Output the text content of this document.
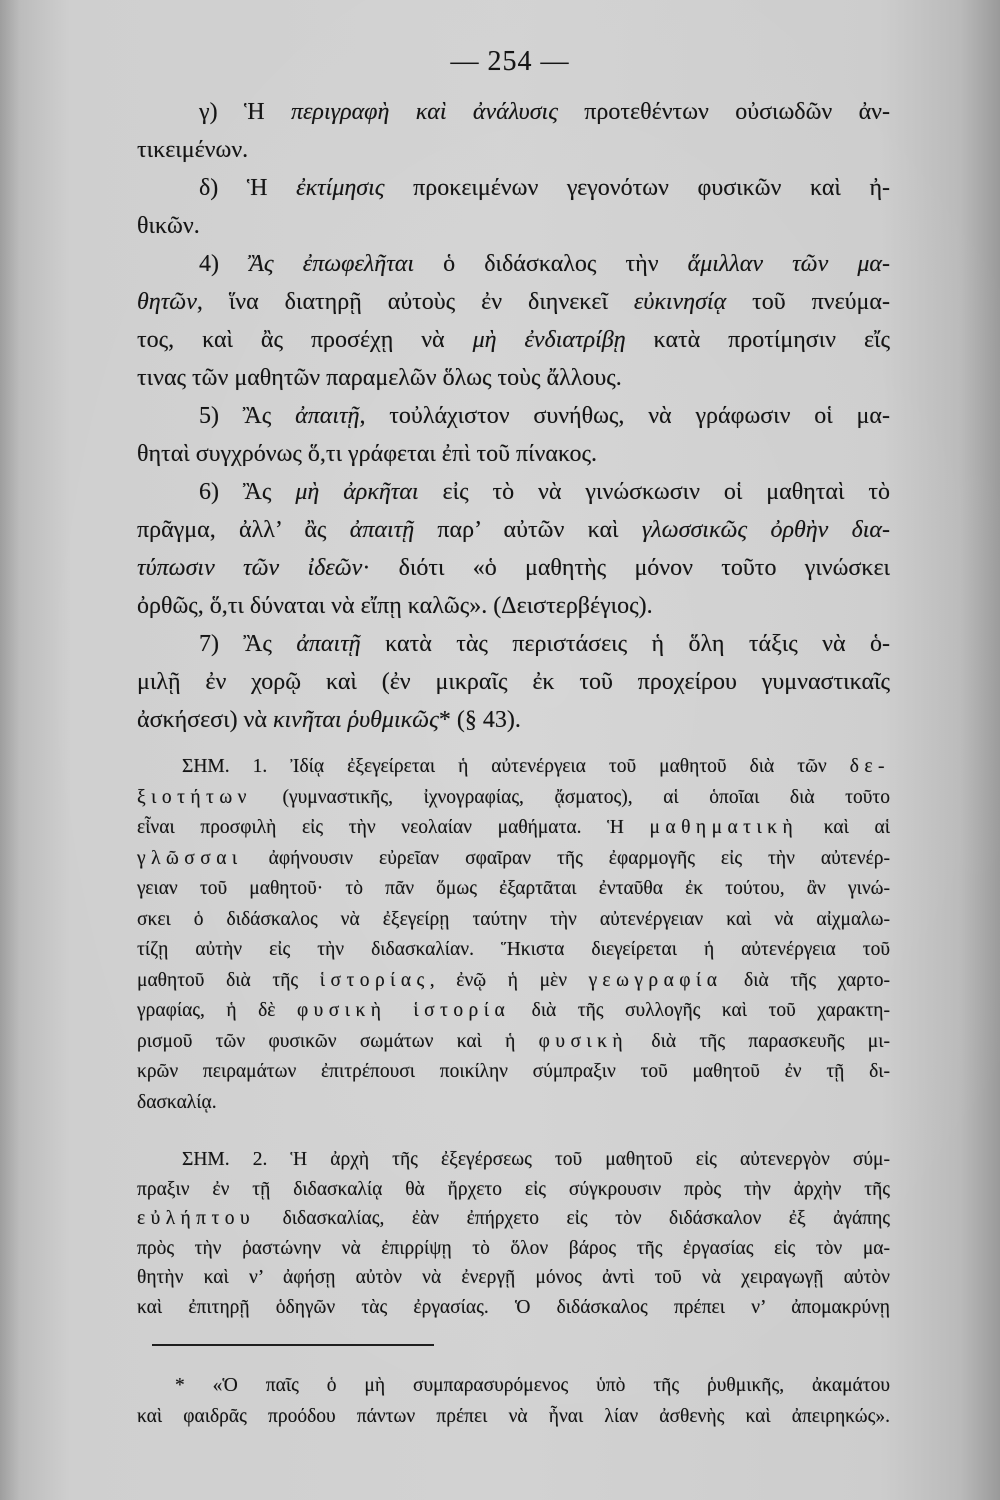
— 254 —
γ) Ἡ περιγραφὴ καὶ ἀνάλυσις προτεθέντων οὐσιωδῶν ἀν-
τικειμένων.
δ) Ἡ ἐκτίμησις προκειμένων γεγονότων φυσικῶν καὶ ἠ-
θικῶν.
4) Ἂς ἐπωφελῆται ὁ διδάσκαλος τὴν ἅμιλλαν τῶν μα-
θητῶν, ἵνα διατηρῇ αὐτοὺς ἐν διηνεκεῖ εὐκινησίᾳ τοῦ πνεύμα-
τος, καὶ ἂς προσέχῃ νὰ μὴ ἐνδιατρίβῃ κατὰ προτίμησιν εἴς
τινας τῶν μαθητῶν παραμελῶν ὅλως τοὺς ἄλλους.
5) Ἂς ἀπαιτῇ, τοὐλάχιστον συνήθως, νὰ γράφωσιν οἱ μα-
θηταὶ συγχρόνως ὅ,τι γράφεται ἐπὶ τοῦ πίνακος.
6) Ἂς μὴ ἀρκῆται εἰς τὸ νὰ γινώσκωσιν οἱ μαθηταὶ τὸ
πρᾶγμα, ἀλλ’ ἂς ἀπαιτῇ παρ’ αὐτῶν καὶ γλωσσικῶς ὀρθὴν δια-
τύπωσιν τῶν ἰδεῶν· διότι «ὁ μαθητὴς μόνον τοῦτο γινώσκει
ὀρθῶς, ὅ,τι δύναται νὰ εἴπῃ καλῶς». (Δειστερβέγιος).
7) Ἂς ἀπαιτῇ κατὰ τὰς περιστάσεις ἡ ὅλη τάξις νὰ ὁ-
μιλῇ ἐν χορῷ καὶ (ἐν μικραῖς ἐκ τοῦ προχείρου γυμναστικαῖς
ἀσκήσεσι) νὰ κινῆται ῥυθμικῶς* (§ 43).
ΣΗΜ. 1. Ἰδίᾳ ἐξεγείρεται ἡ αὐτενέργεια τοῦ μαθητοῦ διὰ τῶν δε-
ξιοτήτων (γυμναστικῆς, ἰχνογραφίας, ᾄσματος), αἱ ὁποῖαι διὰ τοῦτο
εἶναι προσφιλὴ εἰς τὴν νεολαίαν μαθήματα. Ἡ μαθηματικὴ καὶ αἱ
γλῶσσαι ἀφήνουσιν εὐρεῖαν σφαῖραν τῆς ἐφαρμογῆς εἰς τὴν αὐτενέρ-
γειαν τοῦ μαθητοῦ· τὸ πᾶν ὅμως ἐξαρτᾶται ἐνταῦθα ἐκ τούτου, ἂν γινώ-
σκει ὁ διδάσκαλος νὰ ἐξεγείρῃ ταύτην τὴν αὐτενέργειαν καὶ νὰ αἰχμαλω-
τίζῃ αὐτὴν εἰς τὴν διδασκαλίαν. Ἥκιστα διεγείρεται ἡ αὐτενέργεια τοῦ
μαθητοῦ διὰ τῆς ἱστορίας, ἐνῷ ἡ μὲν γεωγραφία διὰ τῆς χαρτο-
γραφίας, ἡ δὲ φυσικὴ ἱστορία διὰ τῆς συλλογῆς καὶ τοῦ χαρακτη-
ρισμοῦ τῶν φυσικῶν σωμάτων καὶ ἡ φυσικὴ διὰ τῆς παρασκευῆς μι-
κρῶν πειραμάτων ἐπιτρέπουσι ποικίλην σύμπραξιν τοῦ μαθητοῦ ἐν τῇ δι-
δασκαλίᾳ.
ΣΗΜ. 2. Ἡ ἀρχὴ τῆς ἐξεγέρσεως τοῦ μαθητοῦ εἰς αὐτενεργὸν σύμ-
πραξιν ἐν τῇ διδασκαλίᾳ θὰ ἤρχετο εἰς σύγκρουσιν πρὸς τὴν ἀρχὴν τῆς
εὐλήπτου διδασκαλίας, ἐὰν ἐπήρχετο εἰς τὸν διδάσκαλον ἐξ ἀγάπης
πρὸς τὴν ῥαστώνην νὰ ἐπιρρίψῃ τὸ ὅλον βάρος τῆς ἐργασίας εἰς τὸν μα-
θητὴν καὶ ν’ ἀφήσῃ αὐτὸν νὰ ἐνεργῇ μόνος ἀντὶ τοῦ νὰ χειραγωγῇ αὐτὸν
καὶ ἐπιτηρῇ ὁδηγῶν τὰς ἐργασίας. Ὁ διδάσκαλος πρέπει ν’ ἀπομακρύνῃ
* «Ὁ παῖς ὁ μὴ συμπαρασυρόμενος ὑπὸ τῆς ῥυθμικῆς, ἀκαμάτου
καὶ φαιδρᾶς προόδου πάντων πρέπει νὰ ἦναι λίαν ἀσθενὴς καὶ ἀπειρηκώς».
